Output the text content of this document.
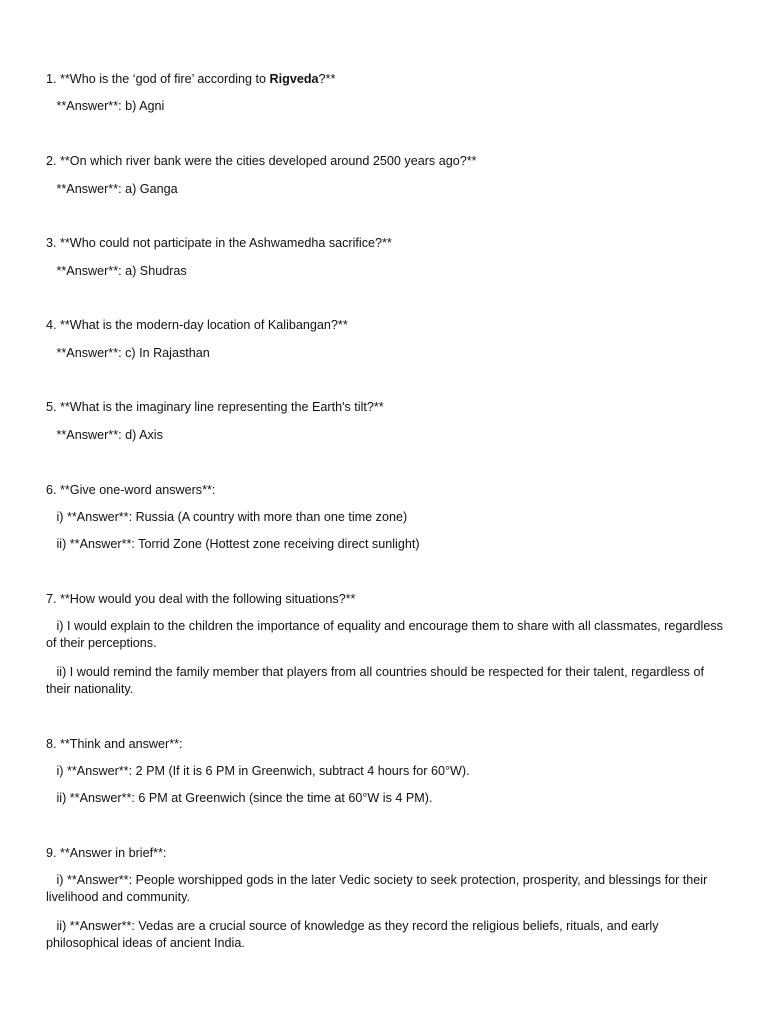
1. **Who is the ‘god of fire’ according to Rigveda?**
**Answer**: b) Agni
2. **On which river bank were the cities developed around 2500 years ago?**
**Answer**: a) Ganga
3. **Who could not participate in the Ashwamedha sacrifice?**
**Answer**: a) Shudras
4. **What is the modern-day location of Kalibangan?**
**Answer**: c) In Rajasthan
5. **What is the imaginary line representing the Earth's tilt?**
**Answer**: d) Axis
6. **Give one-word answers**:
i) **Answer**: Russia (A country with more than one time zone)
ii) **Answer**: Torrid Zone (Hottest zone receiving direct sunlight)
7. **How would you deal with the following situations?**
i) I would explain to the children the importance of equality and encourage them to share with all classmates, regardless of their perceptions.
ii) I would remind the family member that players from all countries should be respected for their talent, regardless of their nationality.
8. **Think and answer**:
i) **Answer**: 2 PM (If it is 6 PM in Greenwich, subtract 4 hours for 60°W).
ii) **Answer**: 6 PM at Greenwich (since the time at 60°W is 4 PM).
9. **Answer in brief**:
i) **Answer**: People worshipped gods in the later Vedic society to seek protection, prosperity, and blessings for their livelihood and community.
ii) **Answer**: Vedas are a crucial source of knowledge as they record the religious beliefs, rituals, and early philosophical ideas of ancient India.
